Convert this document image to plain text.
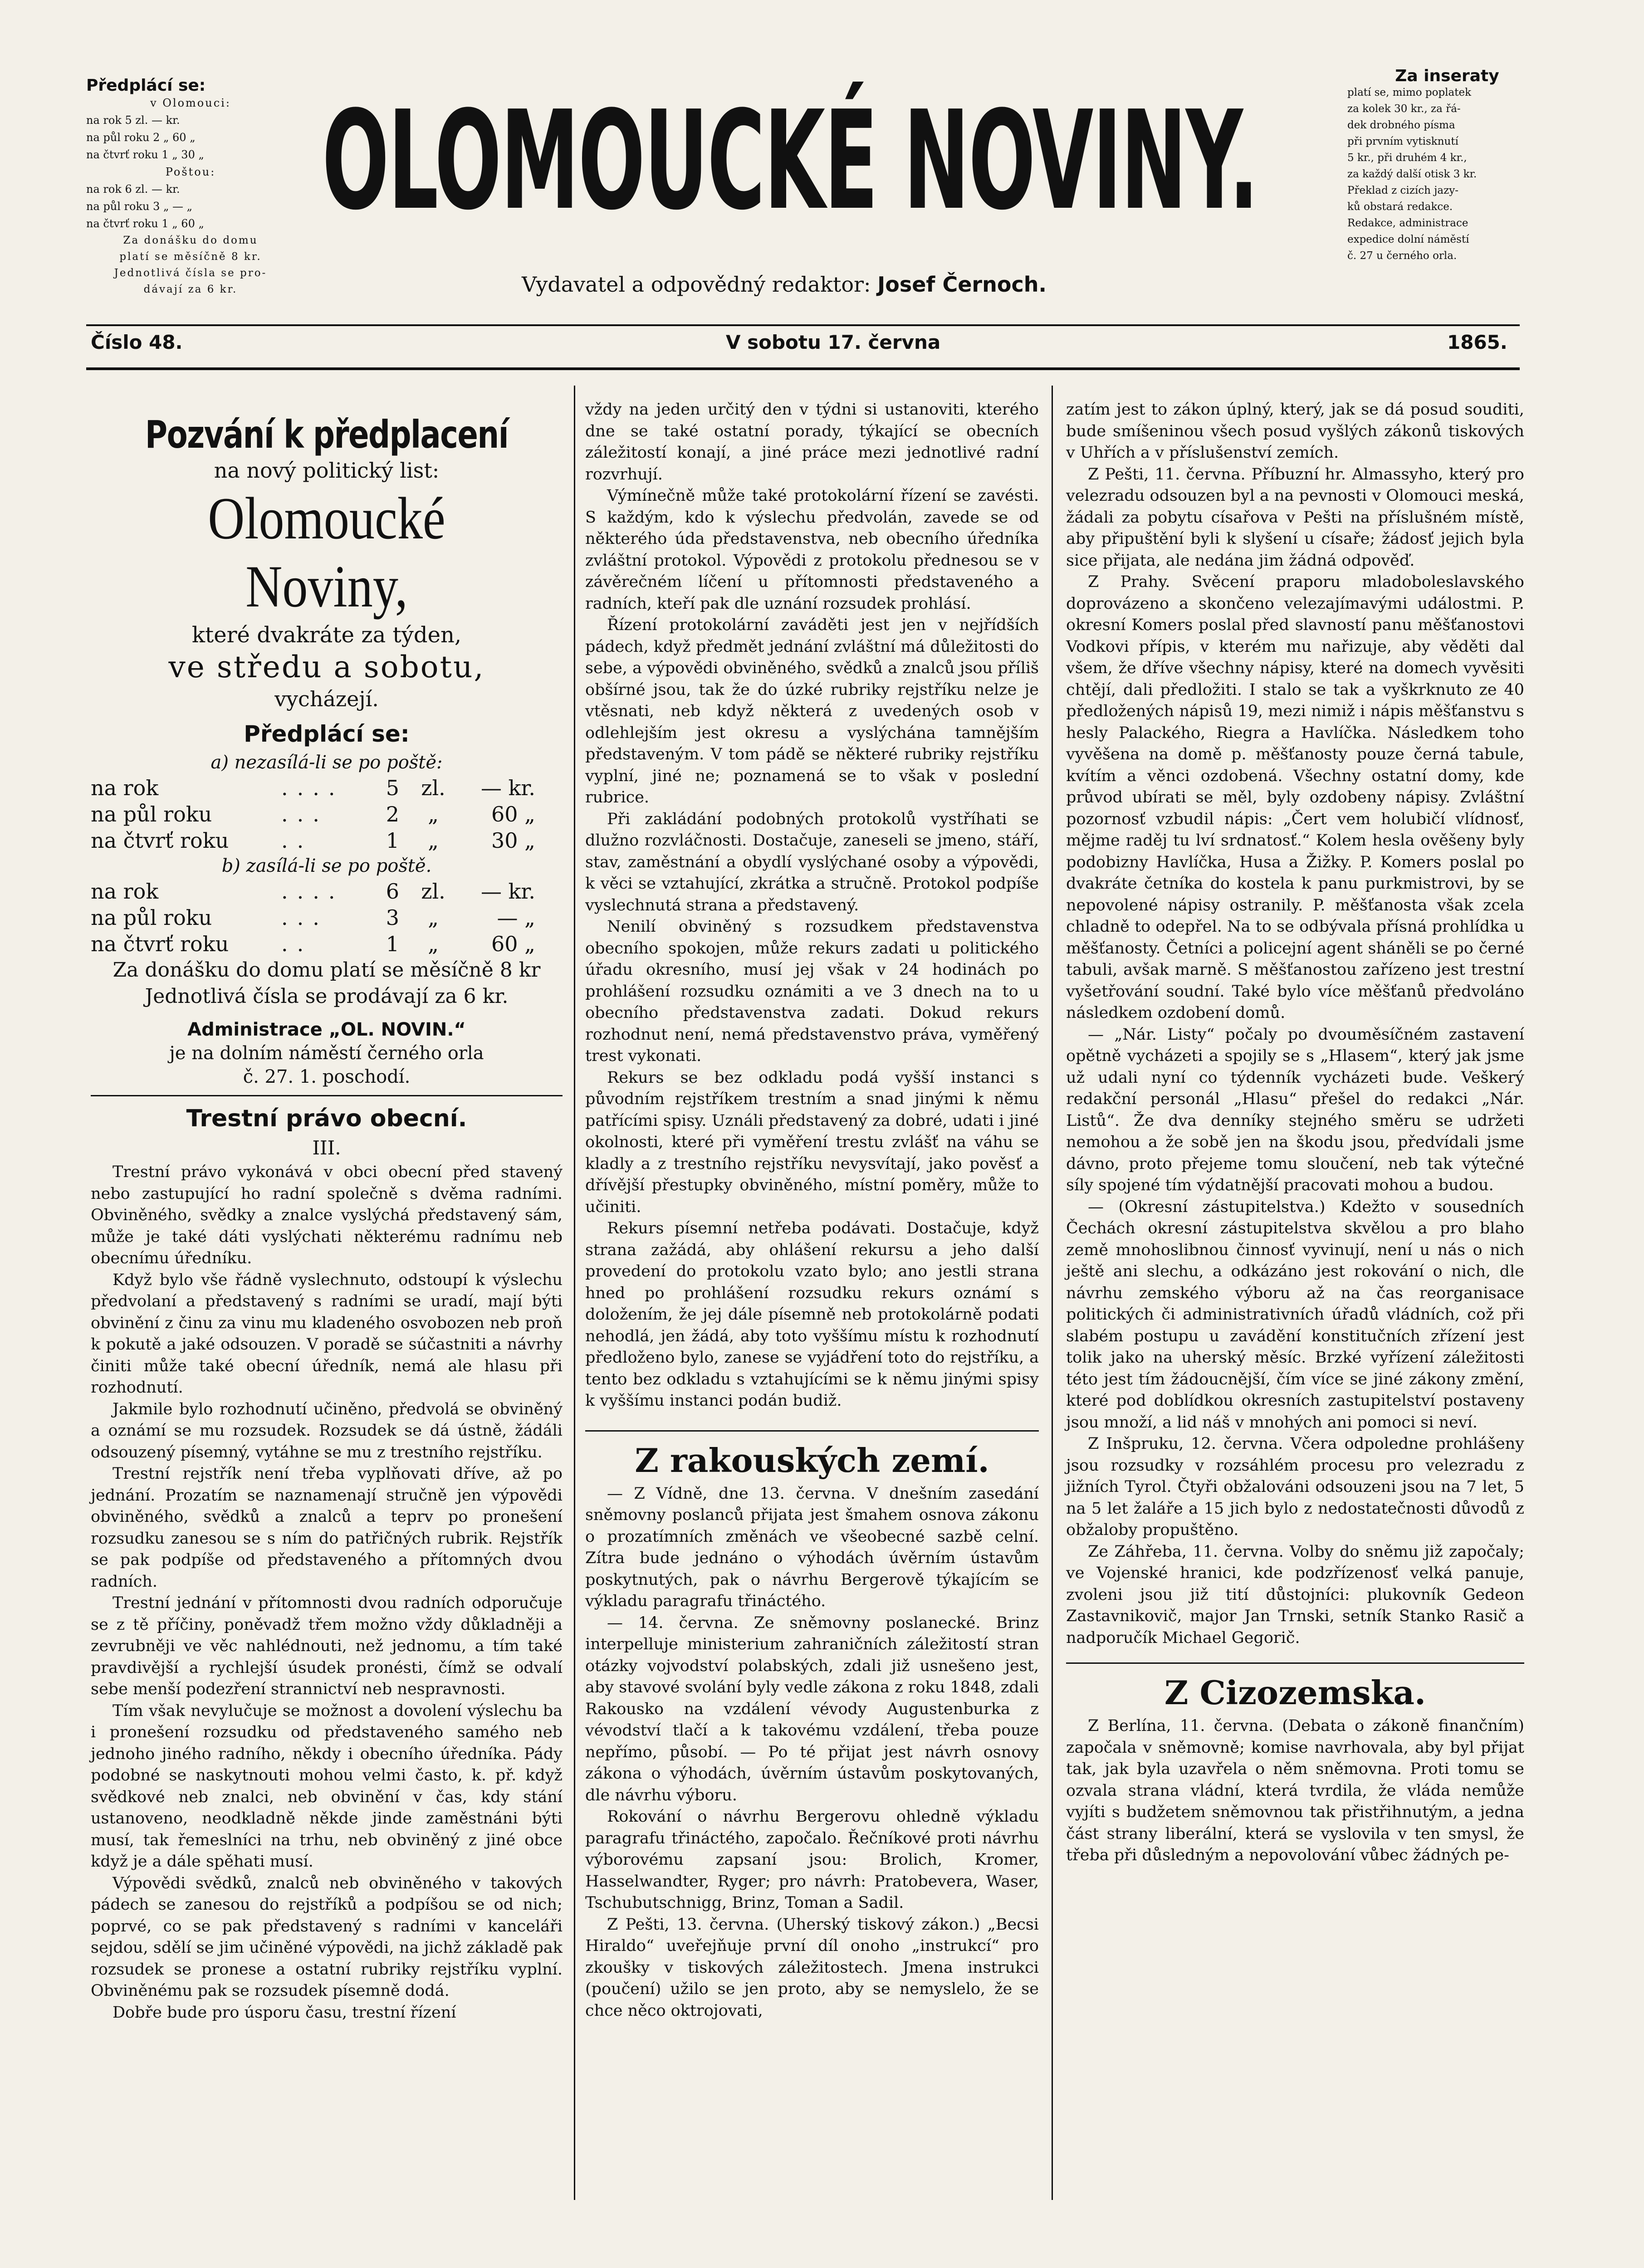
Předplácí se:
v Olomouci:
na rok 5 zl. — kr.
na půl roku 2 „ 60 „
na čtvrť roku 1 „ 30 „
Poštou:
na rok 6 zl. — kr.
na půl roku 3 „ — „
na čtvrť roku 1 „ 60 „
Za donášku do domu
platí se měsíčně 8 kr.
Jednotlivá čísla se pro-
dávají za 6 kr.
OLOMOUCKÉ NOVINY.
Vydavatel a odpovědný redaktor: Josef Černoch.
Za inseraty

platí se, mimo poplatek

za kolek 30 kr., za řá-

dek drobného písma

při prvním vytisknutí

5 kr., při druhém 4 kr.,

za každý další otisk 3 kr.

Překlad z cizích jazy-

ků obstará redakce.

Redakce, administrace

expedice dolní náměstí

č. 27 u černého orla.

Číslo 48.	V sobotu 17. června	1865.
Pozvání k předplacení
na nový politický list:
Olomoucké Noviny,
které dvakráte za týden,
ve středu a sobotu,
vycházejí.
Předplácí se:
a) nezasílá-li se po poště:
na rok	....	5	zl.	— kr.
na půl roku	...	2	„	60 „
na čtvrť roku	..	1	„	30 „
b) zasílá-li se po poště.
na rok	....	6	zl.	— kr.
na půl roku	...	3	„	— „
na čtvrť roku	..	1	„	60 „
Za donášku do domu platí se měsíčně 8 kr
Jednotlivá čísla se prodávají za 6 kr.
Administrace „OL. NOVIN.“
je na dolním náměstí černého orla
č. 27. 1. poschodí.
Trestní právo obecní.
III.

Trestní právo vykonává v obci obecní před stavený nebo zastupující ho radní společně s dvěma radními. Obviněného, svědky a znalce vyslýchá představený sám, může je také dáti vyslýchati některému radnímu neb obecnímu úředníku.

Když bylo vše řádně vyslechnuto, odstoupí k výslechu předvolaní a představený s radními se uradí, mají býti obvinění z činu za vinu mu kladeného osvobozen neb proň k pokutě a jaké odsouzen. V poradě se súčastniti a návrhy činiti může také obecní úředník, nemá ale hlasu při rozhodnutí.

Jakmile bylo rozhodnutí učiněno, předvolá se obviněný a oznámí se mu rozsudek. Rozsudek se dá ústně, žádáli odsouzený písemný, vytáhne se mu z trestního rejstříku.

Trestní rejstřík není třeba vyplňovati dříve, až po jednání. Prozatím se naznamenají stručně jen výpovědi obviněného, svědků a znalců a teprv po pronešení rozsudku zanesou se s ním do patřičných rubrik. Rejstřík se pak podpíše od představeného a přítomných dvou radních.

Trestní jednání v přítomnosti dvou radních odporučuje se z tě příčiny, poněvadž třem možno vždy důkladněji a zevrubněji ve věc nahlédnouti, než jednomu, a tím také pravdivější a rychlejší úsudek pronésti, čímž se odvalí sebe menší podezření strannictví neb nespravnosti.

Tím však nevylučuje se možnost a dovolení výslechu ba i pronešení rozsudku od představeného samého neb jednoho jiného radního, někdy i obecního úředníka. Pády podobné se naskytnouti mohou velmi často, k. př. když svědkové neb znalci, neb obvinění v čas, kdy stání ustanoveno, neodkladně někde jinde zaměstnáni býti musí, tak řemeslníci na trhu, neb obviněný z jiné obce když je a dále spěhati musí.

Výpovědi svědků, znalců neb obviněného v takových pádech se zanesou do rejstříků a podpíšou se od nich; poprvé, co se pak představený s radními v kanceláři sejdou, sdělí se jim učiněné výpovědi, na jichž základě pak rozsudek se pronese a ostatní rubriky rejstříku vyplní. Obviněnému pak se rozsudek písemně dodá.

Dobře bude pro úsporu času, trestní řízení

vždy na jeden určitý den v týdni si ustanoviti, kterého dne se také ostatní porady, týkající se obecních záležitostí konají, a jiné práce mezi jednotlivé radní rozvrhují.

Výmínečně může také protokolární řízení se zavésti. S každým, kdo k výslechu předvolán, zavede se od některého úda představenstva, neb obecního úředníka zvláštní protokol. Výpovědi z protokolu přednesou se v závěrečném líčení u přítomnosti představeného a radních, kteří pak dle uznání rozsudek prohlásí.

Řízení protokolární zaváděti jest jen v nejřídších pádech, když předmět jednání zvláštní má důležitosti do sebe, a výpovědi obviněného, svědků a znalců jsou příliš obšírné jsou, tak že do úzké rubriky rejstříku nelze je vtěsnati, neb když některá z uvedených osob v odlehlejším jest okresu a vyslýchána tamnějším představeným. V tom pádě se některé rubriky rejstříku vyplní, jiné ne; poznamená se to však v poslední rubrice.

Při zakládání podobných protokolů vystříhati se dlužno rozvláčnosti. Dostačuje, zaneseli se jmeno, stáří, stav, zaměstnání a obydlí vyslýchané osoby a výpovědi, k věci se vztahující, zkrátka a stručně. Protokol podpíše vyslechnutá strana a představený.

Nenilí obviněný s rozsudkem představenstva obecního spokojen, může rekurs zadati u politického úřadu okresního, musí jej však v 24 hodinách po prohlášení rozsudku oznámiti a ve 3 dnech na to u obecního představenstva zadati. Dokud rekurs rozhodnut není, nemá představenstvo práva, vyměřený trest vykonati.

Rekurs se bez odkladu podá vyšší instanci s původním rejstříkem trestním a snad jinými k němu patřícími spisy. Uználi představený za dobré, udati i jiné okolnosti, které při vyměření trestu zvlášť na váhu se kladly a z trestního rejstříku nevysvítají, jako pověsť a dřívější přestupky obviněného, místní poměry, může to učiniti.

Rekurs písemní netřeba podávati. Dostačuje, když strana zažádá, aby ohlášení rekursu a jeho další provedení do protokolu vzato bylo; ano jestli strana hned po prohlášení rozsudku rekurs oznámí s doložením, že jej dále písemně neb protokolárně podati nehodlá, jen žádá, aby toto vyššímu místu k rozhodnutí předloženo bylo, zanese se vyjádření toto do rejstříku, a tento bez odkladu s vztahujícími se k němu jinými spisy k vyššímu instanci podán budiž.

Z rakouských zemí.

— Z Vídně, dne 13. června. V dnešním zasedání sněmovny poslanců přijata jest šmahem osnova zákonu o prozatímních změnách ve všeobecné sazbě celní. Zítra bude jednáno o výhodách úvěrním ústavům poskytnutých, pak o návrhu Bergerově týkajícím se výkladu paragrafu třináctého.

— 14. června. Ze sněmovny poslanecké. Brinz interpelluje ministerium zahraničních záležitostí stran otázky vojvodství polabských, zdali již usnešeno jest, aby stavové svolání byly vedle zákona z roku 1848, zdali Rakousko na vzdálení vévody Augustenburka z vévodství tlačí a k takovému vzdálení, třeba pouze nepřímo, působí. — Po té přijat jest návrh osnovy zákona o výhodách, úvěrním ústavům poskytovaných, dle návrhu výboru.

Rokování o návrhu Bergerovu ohledně výkladu paragrafu třináctého, započalo. Řečníkové proti návrhu výborovému zapsaní jsou: Brolich, Kromer, Hasselwandter, Ryger; pro návrh: Pratobevera, Waser, Tschubutschnigg, Brinz, Toman a Sadil.

Z Pešti, 13. června. (Uherský tiskový zákon.) „Becsi Hiraldo“ uveřejňuje první díl onoho „instrukcí“ pro zkoušky v tiskových záležitostech. Jmena instrukci (poučení) užilo se jen proto, aby se nemyslelo, že se chce něco oktrojovati,

zatím jest to zákon úplný, který, jak se dá posud souditi, bude smíšeninou všech posud vyšlých zákonů tiskových v Uhřích a v příslušenství zemích.

Z Pešti, 11. června. Příbuzní hr. Almassyho, který pro velezradu odsouzen byl a na pevnosti v Olomouci meská, žádali za pobytu císařova v Pešti na příslušném místě, aby připuštění byli k slyšení u císaře; žádosť jejich byla sice přijata, ale nedána jim žádná odpověď.

Z Prahy. Svěcení praporu mladoboleslavského doprovázeno a skončeno velezajímavými událostmi. P. okresní Komers poslal před slavností panu měšťanostovi Vodkovi přípis, v kterém mu nařizuje, aby věděti dal všem, že dříve všechny nápisy, které na domech vyvěsiti chtějí, dali předložiti. I stalo se tak a vyškrknuto ze 40 předložených nápisů 19, mezi nimiž i nápis měšťanstvu s hesly Palackého, Riegra a Havlíčka. Následkem toho vyvěšena na domě p. měšťanosty pouze černá tabule, kvítím a věnci ozdobená. Všechny ostatní domy, kde průvod ubírati se měl, byly ozdobeny nápisy. Zvláštní pozornosť vzbudil nápis: „Čert vem holubičí vlídnosť, mějme raděj tu lví srdnatosť.“ Kolem hesla ověšeny byly podobizny Havlíčka, Husa a Žižky. P. Komers poslal po dvakráte četníka do kostela k panu purkmistrovi, by se nepovolené nápisy ostranily. P. měšťanosta však zcela chladně to odepřel. Na to se odbývala přísná prohlídka u měšťanosty. Četníci a policejní agent sháněli se po černé tabuli, avšak marně. S měšťanostou zařízeno jest trestní vyšetřování soudní. Také bylo více měšťanů předvoláno následkem ozdobení domů.

— „Nár. Listy“ počaly po dvouměsíčném zastavení opětně vycházeti a spojily se s „Hlasem“, který jak jsme už udali nyní co týdenník vycházeti bude. Veškerý redakční personál „Hlasu“ přešel do redakci „Nár. Listů“. Že dva denníky stejného směru se udržeti nemohou a že sobě jen na škodu jsou, předvídali jsme dávno, proto přejeme tomu sloučení, neb tak výtečné síly spojené tím výdatnější pracovati mohou a budou.

— (Okresní zástupitelstva.) Kdežto v sousedních Čechách okresní zástupitelstva skvělou a pro blaho země mnohoslibnou činnosť vyvinují, není u nás o nich ještě ani slechu, a odkázáno jest rokování o nich, dle návrhu zemského výboru až na čas reorganisace politických či administrativních úřadů vládních, což při slabém postupu u zavádění konstitučních zřízení jest tolik jako na uherský měsíc. Brzké vyřízení záležitosti této jest tím žádoucnější, čím více se jiné zákony změní, které pod doblídkou okresních zastupitelství postaveny jsou množí, a lid náš v mnohých ani pomoci si neví.

Z Inšpruku, 12. června. Včera odpoledne prohlášeny jsou rozsudky v rozsáhlém procesu pro velezradu z jižních Tyrol. Čtyři obžalováni odsouzeni jsou na 7 let, 5 na 5 let žaláře a 15 jich bylo z nedostatečnosti důvodů z obžaloby propuštěno.

Ze Záhřeba, 11. června. Volby do sněmu již započaly; ve Vojenské hranici, kde podzřízenosť velká panuje, zvoleni jsou již tití důstojníci: plukovník Gedeon Zastavnikovič, major Jan Trnski, setník Stanko Rasič a nadporučík Michael Gegorič.

Z Cizozemska.

Z Berlína, 11. června. (Debata o zákoně finančním) započala v sněmovně; komise navrhovala, aby byl přijat tak, jak byla uzavřela o něm sněmovna. Proti tomu se ozvala strana vládní, která tvrdila, že vláda nemůže vyjíti s budžetem sněmovnou tak přistřihnutým, a jedna část strany liberální, která se vyslovila v ten smysl, že třeba při důsledným a nepovolování vůbec žádných pe-
